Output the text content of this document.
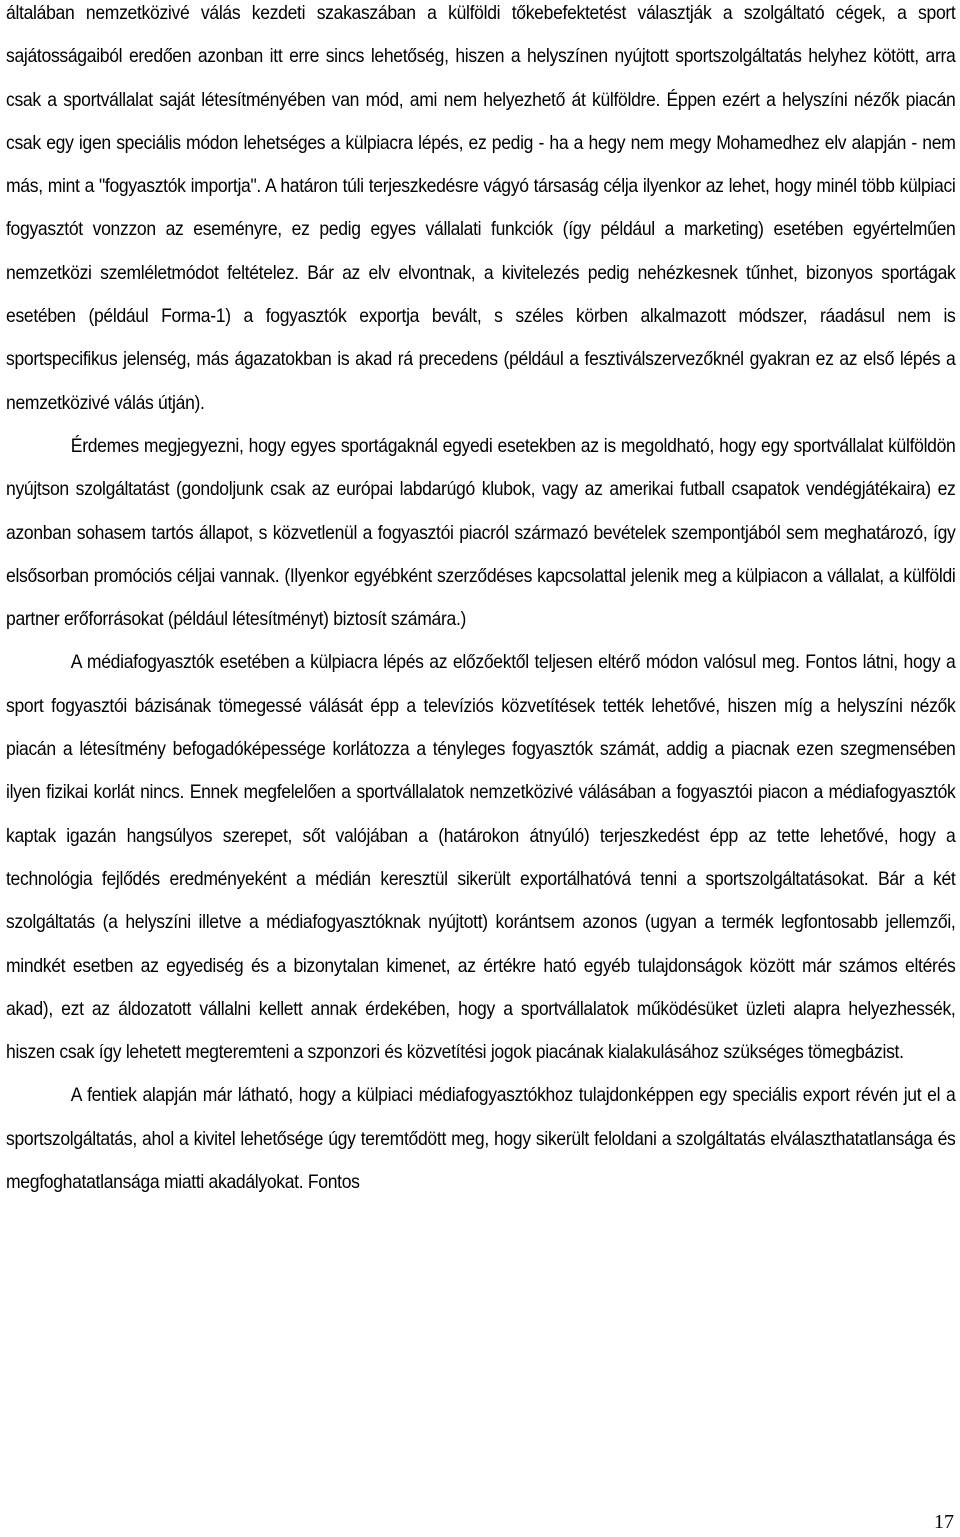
általában nemzetközivé válás kezdeti szakaszában a külföldi tőkebefektetést választják a szolgáltató cégek, a sport sajátosságaiból eredően azonban itt erre sincs lehetőség, hiszen a helyszínen nyújtott sportszolgáltatás helyhez kötött, arra csak a sportvállalat saját létesítményében van mód, ami nem helyezhető át külföldre. Éppen ezért a helyszíni nézők piacán csak egy igen speciális módon lehetséges a külpiacra lépés, ez pedig - ha a hegy nem megy Mohamedhez elv alapján - nem más, mint a "fogyasztók importja". A határon túli terjeszkedésre vágyó társaság célja ilyenkor az lehet, hogy minél több külpiaci fogyasztót vonzzon az eseményre, ez pedig egyes vállalati funkciók (így például a marketing) esetében egyértelműen nemzetközi szemléletmódot feltételez. Bár az elv elvontnak, a kivitelezés pedig nehézkesnek tűnhet, bizonyos sportágak esetében (például Forma-1) a fogyasztók exportja bevált, s széles körben alkalmazott módszer, ráadásul nem is sportspecifikus jelenség, más ágazatokban is akad rá precedens (például a fesztiválszervezőknél gyakran ez az első lépés a nemzetközivé válás útján).

Érdemes megjegyezni, hogy egyes sportágaknál egyedi esetekben az is megoldható, hogy egy sportvállalat külföldön nyújtson szolgáltatást (gondoljunk csak az európai labdarúgó klubok, vagy az amerikai futball csapatok vendégjátékaira) ez azonban sohasem tartós állapot, s közvetlenül a fogyasztói piacról származó bevételek szempontjából sem meghatározó, így elsősorban promóciós céljai vannak. (Ilyenkor egyébként szerződéses kapcsolattal jelenik meg a külpiacon a vállalat, a külföldi partner erőforrásokat (például létesítményt) biztosít számára.)

A médiafogyasztók esetében a külpiacra lépés az előzőektől teljesen eltérő módon valósul meg. Fontos látni, hogy a sport fogyasztói bázisának tömegessé válását épp a televíziós közvetítések tették lehetővé, hiszen míg a helyszíni nézők piacán a létesítmény befogadóképessége korlátozza a tényleges fogyasztók számát, addig a piacnak ezen szegmensében ilyen fizikai korlát nincs. Ennek megfelelően a sportvállalatok nemzetközivé válásában a fogyasztói piacon a médiafogyasztók kaptak igazán hangsúlyos szerepet, sőt valójában a (határokon átnyúló) terjeszkedést épp az tette lehetővé, hogy a technológia fejlődés eredményeként a médián keresztül sikerült exportálhatóvá tenni a sportszolgáltatásokat. Bár a két szolgáltatás (a helyszíni illetve a médiafogyasztóknak nyújtott) korántsem azonos (ugyan a termék legfontosabb jellemzői, mindkét esetben az egyediség és a bizonytalan kimenet, az értékre ható egyéb tulajdonságok között már számos eltérés akad), ezt az áldozatott vállalni kellett annak érdekében, hogy a sportvállalatok működésüket üzleti alapra helyezhessék, hiszen csak így lehetett megteremteni a szponzori és közvetítési jogok piacának kialakulásához szükséges tömegbázist.

A fentiek alapján már látható, hogy a külpiaci médiafogyasztókhoz tulajdonképpen egy speciális export révén jut el a sportszolgáltatás, ahol a kivitel lehetősége úgy teremtődött meg, hogy sikerült feloldani a szolgáltatás elválaszthatatlansága és megfoghatatlansága miatti akadályokat. Fontos

17
